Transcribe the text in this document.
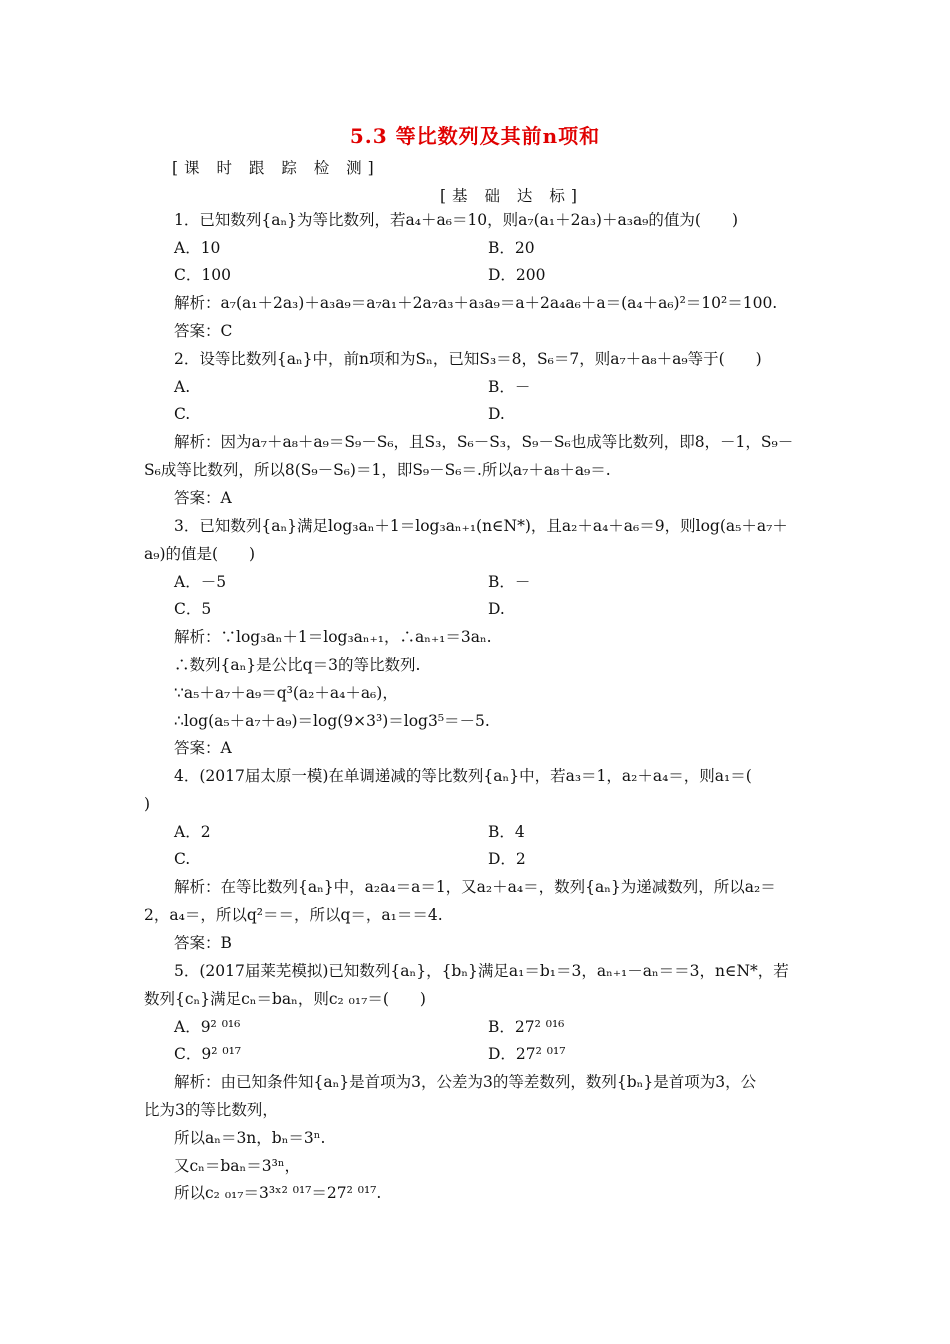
5.3 等比数列及其前n项和
[课 时 跟 踪 检 测]
[基 础 达 标]
1．已知数列{aₙ}为等比数列，若a₄＋a₆＝10，则a₇(a₁＋2a₃)＋a₃a₉的值为(　　)
A．10	B．20
C．100	D．200
解析：a₇(a₁＋2a₃)＋a₃a₉＝a₇a₁＋2a₇a₃＋a₃a₉＝a＋2a₄a₆＋a＝(a₄＋a₆)²＝10²＝100.
答案：C
2．设等比数列{aₙ}中，前n项和为Sₙ，已知S₃＝8，S₆＝7，则a₇＋a₈＋a₉等于(　　)
A.	B．－
C.	D.
解析：因为a₇＋a₈＋a₉＝S₉－S₆，且S₃，S₆－S₃，S₉－S₆也成等比数列，即8，－1，S₉－
S₆成等比数列，所以8(S₉－S₆)＝1，即S₉－S₆＝.所以a₇＋a₈＋a₉＝.
答案：A
3．已知数列{aₙ}满足log₃aₙ＋1＝log₃aₙ₊₁(n∈N*)，且a₂＋a₄＋a₆＝9，则log(a₅＋a₇＋
a₉)的值是(　　)
A．－5	B．－
C．5	D.
解析：∵log₃aₙ＋1＝log₃aₙ₊₁，∴aₙ₊₁＝3aₙ.
∴数列{aₙ}是公比q＝3的等比数列.
∵a₅＋a₇＋a₉＝q³(a₂＋a₄＋a₆)，
∴log(a₅＋a₇＋a₉)＝log(9×3³)＝log3⁵＝－5.
答案：A
4．(2017届太原一模)在单调递减的等比数列{aₙ}中，若a₃＝1，a₂＋a₄＝，则a₁＝(
)
A．2	B．4
C.	D．2
解析：在等比数列{aₙ}中，a₂a₄＝a＝1，又a₂＋a₄＝，数列{aₙ}为递减数列，所以a₂＝
2，a₄＝，所以q²＝＝，所以q＝，a₁＝＝4.
答案：B
5．(2017届莱芜模拟)已知数列{aₙ}，{bₙ}满足a₁＝b₁＝3，aₙ₊₁－aₙ＝＝3，n∈N*，若
数列{cₙ}满足cₙ＝baₙ，则c₂ ₀₁₇＝(　　)
A．9² ⁰¹⁶	B．27² ⁰¹⁶
C．9² ⁰¹⁷	D．27² ⁰¹⁷
解析：由已知条件知{aₙ}是首项为3，公差为3的等差数列，数列{bₙ}是首项为3，公
比为3的等比数列，
所以aₙ＝3n，bₙ＝3ⁿ.
又cₙ＝baₙ＝3³ⁿ，
所以c₂ ₀₁₇＝3³ˣ² ⁰¹⁷＝27² ⁰¹⁷.
